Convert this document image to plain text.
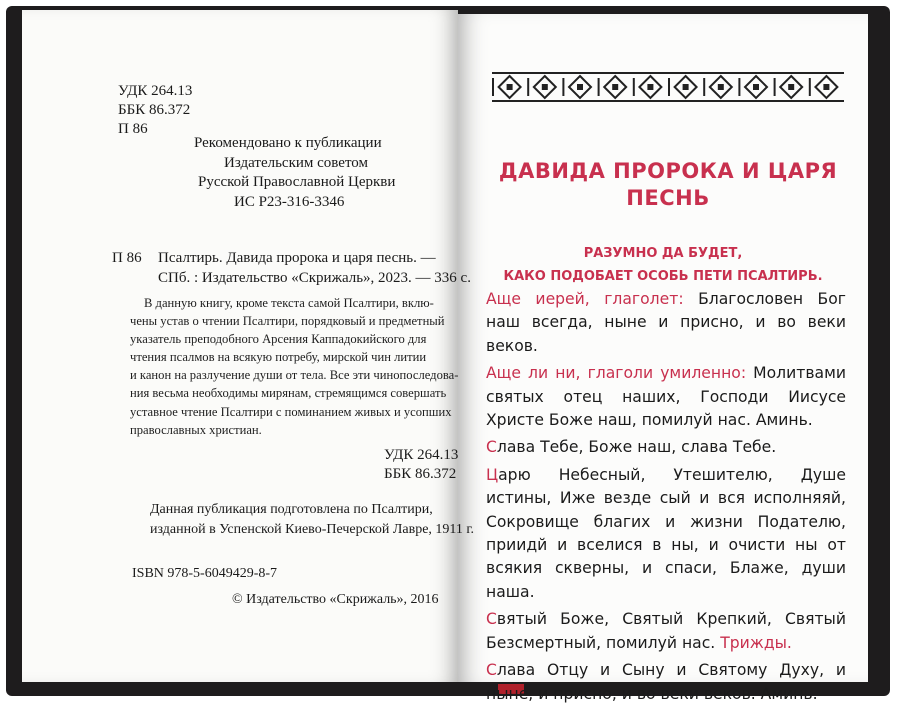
УДК 264.13
ББК 86.372
П 86
Рекомендовано к публикации
Издательским советом
Русской Православной Церкви
ИС Р23-316-3346
П 86	Псалтирь. Давида пророка и царя песнь. —
СПб. : Издательство «Скрижаль», 2023. — 336 с.
В данную книгу, кроме текста самой Псалтири, вклю-
чены устав о чтении Псалтири, порядковый и предметный
указатель преподобного Арсения Каппадокийского для
чтения псалмов на всякую потребу, мирской чин литии
и канон на разлучение души от тела. Все эти чинопоследова-
ния весьма необходимы мирянам, стремящимся совершать
уставное чтение Псалтири с поминанием живых и усопших
православных христиан.
УДК 264.13
ББК 86.372
Данная публикация подготовлена по Псалтири,
изданной в Успенской Киево-Печерской Лавре, 1911 г.
ISBN 978-5-6049429-8-7
© Издательство «Скрижаль», 2016
ДАВИДА ПРОРОКА И ЦАРЯ
ПЕСНЬ
РАЗУМНО ДА БУДЕТ,
КАКО ПОДОБАЕТ ОСОБЬ ПЕТИ ПСАЛТИРЬ.

Аще иерей, глаголет: Благословен Бог наш всегда, ныне и присно, и во веки веков.

Аще ли ни, глаголи умиленно: Молитвами святых отец наших, Господи Иисусе Христе Боже наш, помилуй нас. Аминь.

Слава Тебе, Боже наш, слава Тебе.

Царю Небесный, Утешителю, Душе истины, Иже везде сый и вся исполняяй, Сокровище благих и жизни Подателю, приидй и вселися в ны, и очисти ны от всякия скверны, и спаси, Блаже, души наша.

Святый Боже, Святый Крепкий, Святый Безсмертный, помилуй нас. Трижды.

Слава Отцу и Сыну и Святому Духу, и ныне, и присно, и во веки веков. Аминь.
